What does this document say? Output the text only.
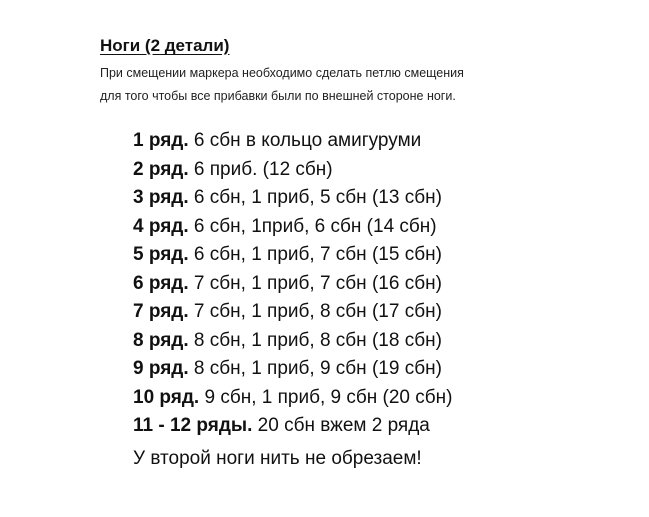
Ноги (2 детали)
При смещении маркера необходимо сделать петлю смещения
для того чтобы все прибавки были по внешней стороне ноги.
1 ряд. 6 сбн в кольцо амигуруми
2 ряд. 6 приб. (12 сбн)
3 ряд. 6 сбн, 1 приб, 5 сбн (13 сбн)
4 ряд. 6 сбн, 1приб, 6 сбн (14 сбн)
5 ряд. 6 сбн, 1 приб, 7 сбн (15 сбн)
6 ряд. 7 сбн, 1 приб, 7 сбн (16 сбн)
7 ряд. 7 сбн, 1 приб, 8 сбн (17 сбн)
8 ряд. 8 сбн, 1 приб, 8 сбн (18 сбн)
9 ряд. 8 сбн, 1 приб, 9 сбн (19 сбн)
10 ряд. 9 сбн, 1 приб, 9 сбн (20 сбн)
11 - 12 ряды. 20 сбн вжем 2 ряда
У второй ноги нить не обрезаем!
